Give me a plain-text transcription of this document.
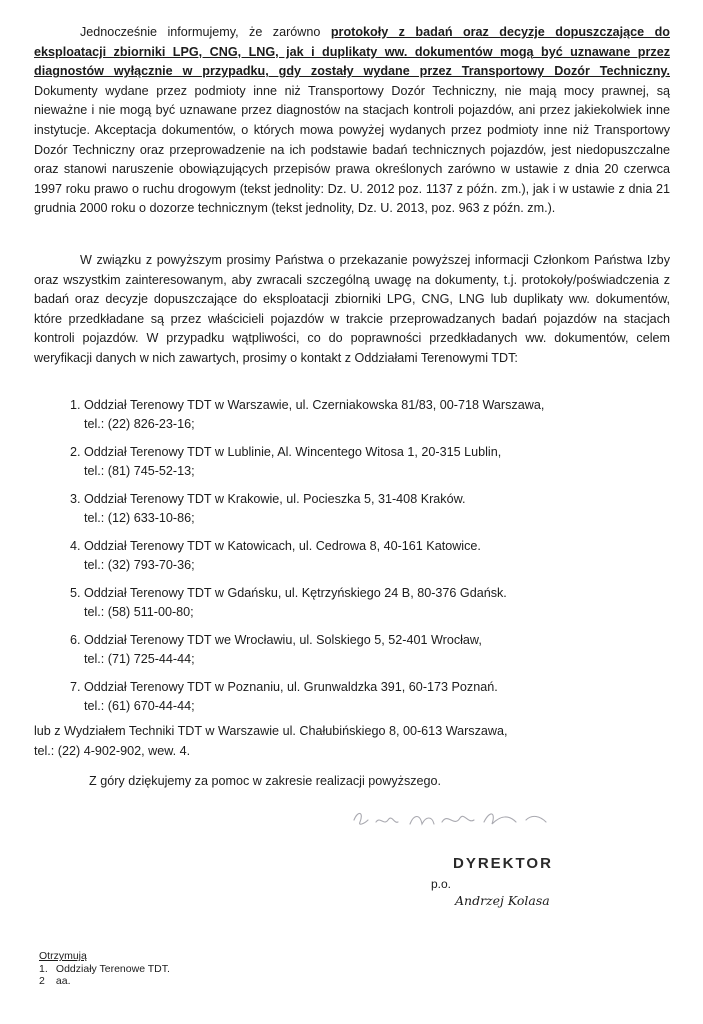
Jednocześnie informujemy, że zarówno protokoły z badań oraz decyzje dopuszczające do eksploatacji zbiorniki LPG, CNG, LNG, jak i duplikaty ww. dokumentów mogą być uznawane przez diagnostów wyłącznie w przypadku, gdy zostały wydane przez Transportowy Dozór Techniczny. Dokumenty wydane przez podmioty inne niż Transportowy Dozór Techniczny, nie mają mocy prawnej, są nieważne i nie mogą być uznawane przez diagnostów na stacjach kontroli pojazdów, ani przez jakiekolwiek inne instytucje. Akceptacja dokumentów, o których mowa powyżej wydanych przez podmioty inne niż Transportowy Dozór Techniczny oraz przeprowadzenie na ich podstawie badań technicznych pojazdów, jest niedopuszczalne oraz stanowi naruszenie obowiązujących przepisów prawa określonych zarówno w ustawie z dnia 20 czerwca 1997 roku prawo o ruchu drogowym (tekst jednolity: Dz. U. 2012 poz. 1137 z późn. zm.), jak i w ustawie z dnia 21 grudnia 2000 roku o dozorze technicznym (tekst jednolity, Dz. U. 2013, poz. 963 z późn. zm.).

W związku z powyższym prosimy Państwa o przekazanie powyższej informacji Członkom Państwa Izby oraz wszystkim zainteresowanym, aby zwracali szczególną uwagę na dokumenty, t.j. protokoły/poświadczenia z badań oraz decyzje dopuszczające do eksploatacji zbiorniki LPG, CNG, LNG lub duplikaty ww. dokumentów, które przedkładane są przez właścicieli pojazdów w trakcie przeprowadzanych badań pojazdów na stacjach kontroli pojazdów. W przypadku wątpliwości, co do poprawności przedkładanych ww. dokumentów, celem weryfikacji danych w nich zawartych, prosimy o kontakt z Oddziałami Terenowymi TDT:

1. Oddział Terenowy TDT w Warszawie, ul. Czerniakowska 81/83, 00-718 Warszawa,
tel.: (22) 826-23-16;
2. Oddział Terenowy TDT w Lublinie, Al. Wincentego Witosa 1, 20-315 Lublin,
tel.: (81) 745-52-13;
3. Oddział Terenowy TDT w Krakowie, ul. Pocieszka 5, 31-408 Kraków.
tel.: (12) 633-10-86;
4. Oddział Terenowy TDT w Katowicach, ul. Cedrowa 8, 40-161 Katowice.
tel.: (32) 793-70-36;
5. Oddział Terenowy TDT w Gdańsku, ul. Kętrzyńskiego 24 B, 80-376 Gdańsk.
tel.: (58) 511-00-80;
6. Oddział Terenowy TDT we Wrocławiu, ul. Solskiego 5, 52-401 Wrocław,
tel.: (71) 725-44-44;
7. Oddział Terenowy TDT w Poznaniu, ul. Grunwaldzka 391, 60-173 Poznań.
tel.: (61) 670-44-44;

lub z Wydziałem Techniki TDT w Warszawie ul. Chałubińskiego 8, 00-613 Warszawa,
tel.: (22) 4-902-902, wew. 4.

Z góry dziękujemy za pomoc w zakresie realizacji powyższego.

DYREKTOR
p.o.
Andrzej Kolasa
Otrzymują
1. Oddziały Terenowe TDT.
2 aa.
